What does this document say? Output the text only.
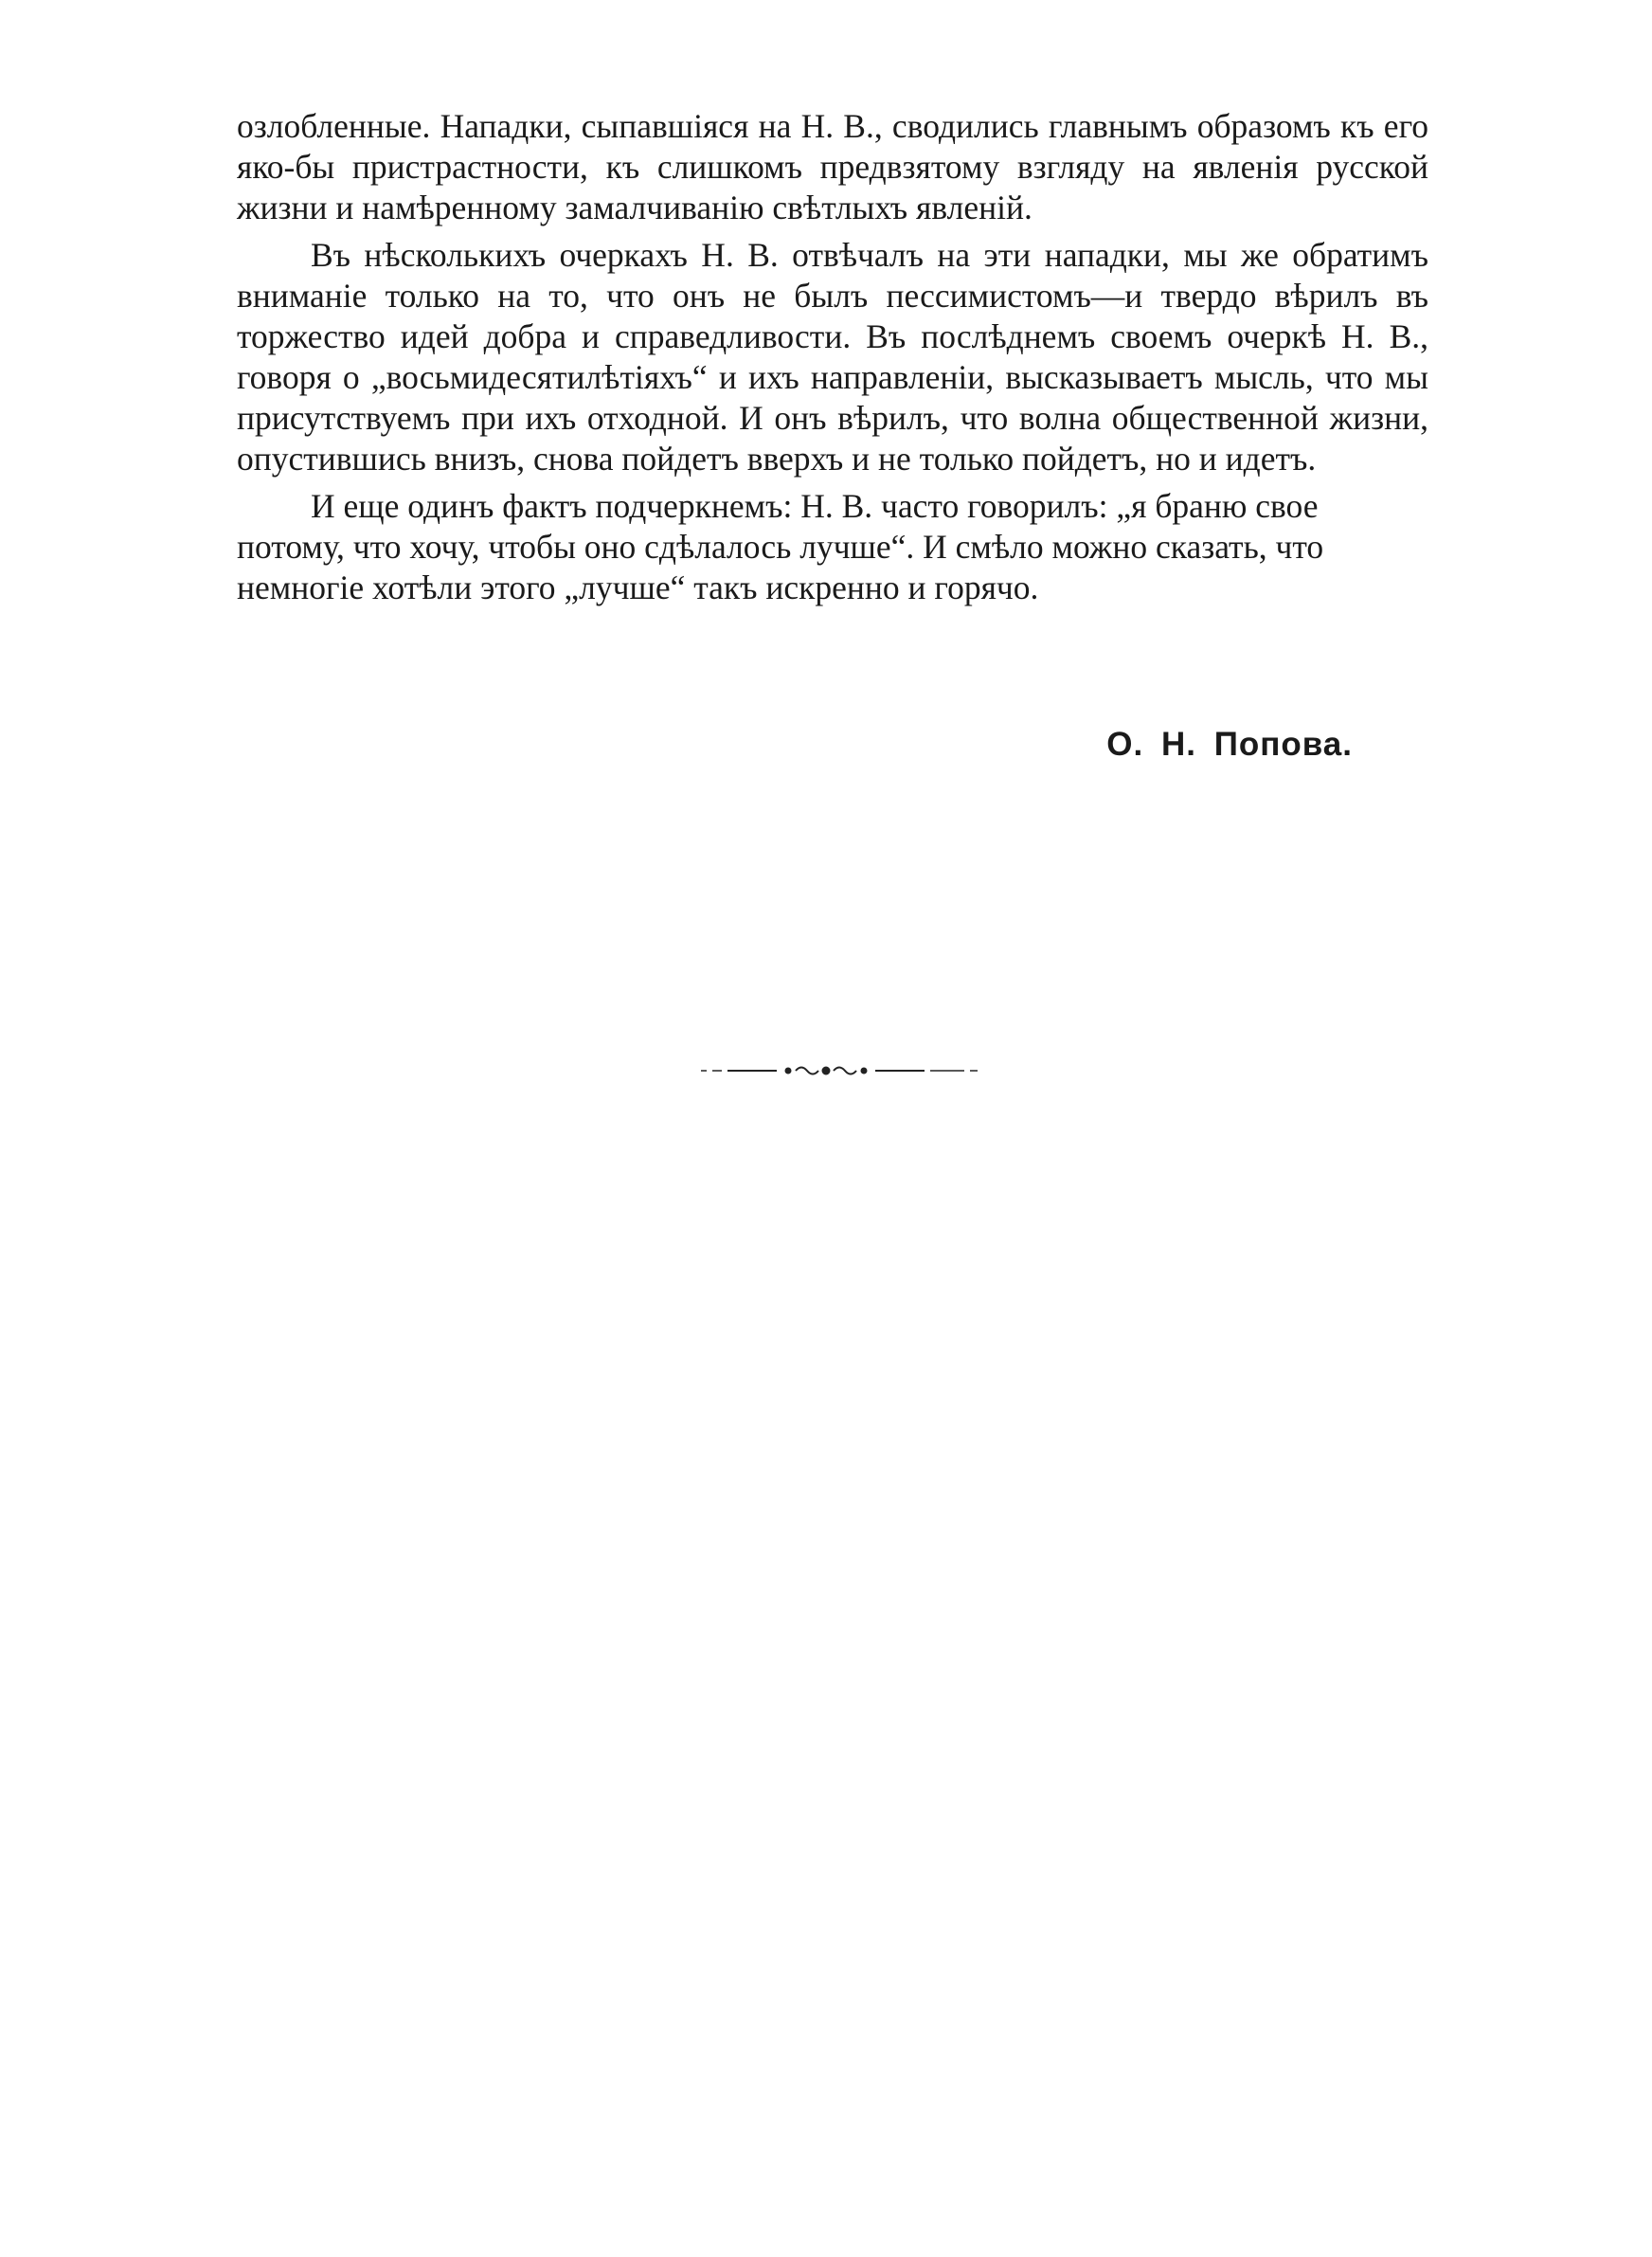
озлобленные. Нападки, сыпавшіяся на Н. В., сводились главнымъ образомъ къ его яко-бы пристрастности, къ слишкомъ предвзятому взгляду на явленія русской жизни и намѣренному замалчиванію свѣтлыхъ явленій.

Въ нѣсколькихъ очеркахъ Н. В. отвѣчалъ на эти нападки, мы же обратимъ вниманіе только на то, что онъ не былъ пессимистомъ—и твердо вѣрилъ въ торжество идей добра и справедливости. Въ послѣднемъ своемъ очеркѣ Н. В., говоря о „восьмидесятилѣтіяхъ“ и ихъ направленіи, высказываетъ мысль, что мы присутствуемъ при ихъ отходной. И онъ вѣрилъ, что волна общественной жизни, опустившись внизъ, снова пойдетъ вверхъ и не только пойдетъ, но и идетъ.

И еще одинъ фактъ подчеркнемъ: Н. В. часто говорилъ: „я браню свое потому, что хочу, чтобы оно сдѣлалось лучше“. И смѣло можно сказать, что немногіе хотѣли этого „лучше“ такъ искренно и горячо.

О. Н. Попова.
